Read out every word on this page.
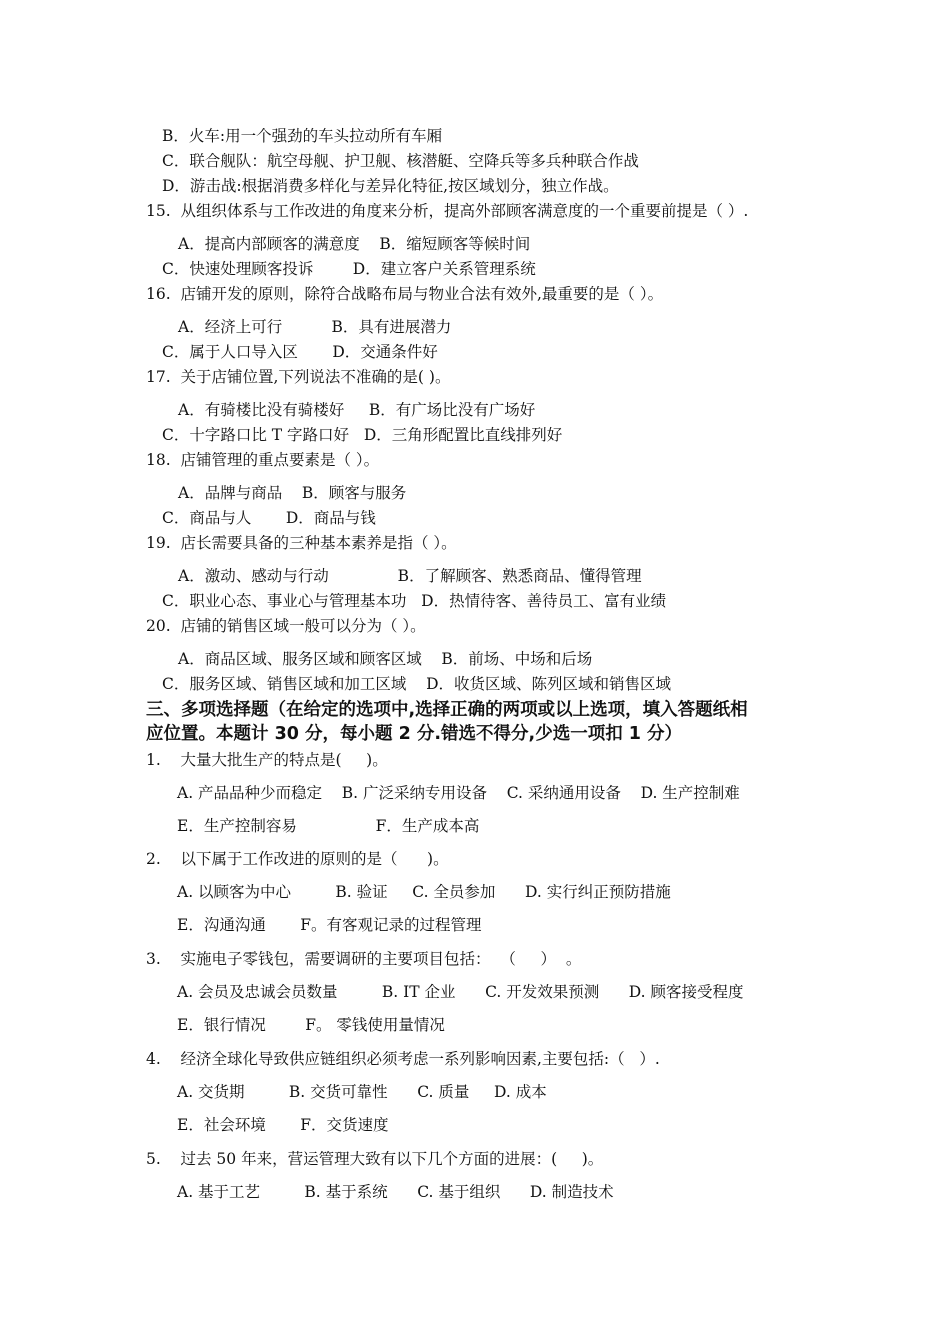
B．火车:用一个强劲的车头拉动所有车厢
C．联合舰队：航空母舰、护卫舰、核潜艇、空降兵等多兵种联合作战
D．游击战:根据消费多样化与差异化特征,按区域划分，独立作战。
15.  从组织体系与工作改进的角度来分析，提高外部顾客满意度的一个重要前提是（ ）.
A．提高内部顾客的满意度    B．缩短顾客等候时间
C．快速处理顾客投诉        D．建立客户关系管理系统
16.  店铺开发的原则，除符合战略布局与物业合法有效外,最重要的是（ ）。
A．经济上可行          B．具有进展潜力
C．属于人口导入区       D．交通条件好
17.  关于店铺位置,下列说法不准确的是( )。
A．有骑楼比没有骑楼好     B．有广场比没有广场好
C．十字路口比 T 字路口好   D．三角形配置比直线排列好
18.  店铺管理的重点要素是（ ）。
A．品牌与商品    B．顾客与服务
C．商品与人       D．商品与钱
19.  店长需要具备的三种基本素养是指（ ）。
A．激动、感动与行动              B．了解顾客、熟悉商品、懂得管理
C．职业心态、事业心与管理基本功   D．热情待客、善待员工、富有业绩
20.  店铺的销售区域一般可以分为（ ）。
A．商品区域、服务区域和顾客区域    B．前场、中场和后场
C．服务区域、销售区域和加工区域    D．收货区域、陈列区域和销售区域
三、多项选择题（在给定的选项中,选择正确的两项或以上选项，填入答题纸相
应位置。本题计 30 分，每小题 2 分.错选不得分,少选一项扣 1 分）
1.    大量大批生产的特点是(     )。
A. 产品品种少而稳定    B. 广泛采纳专用设备    C. 采纳通用设备    D. 生产控制难
E．生产控制容易                F．生产成本高
2.    以下属于工作改进的原则的是（      )。
A. 以顾客为中心         B. 验证     C. 全员参加      D. 实行纠正预防措施
E．沟通沟通       F。有客观记录的过程管理
3.    实施电子零钱包，需要调研的主要项目包括：  （     ）  。
A. 会员及忠诚会员数量         B. IT 企业      C. 开发效果预测      D. 顾客接受程度
E．银行情况        F。 零钱使用量情况
4.    经济全球化导致供应链组织必须考虑一系列影响因素,主要包括:（   ）.
A. 交货期         B. 交货可靠性      C. 质量     D. 成本
E．社会环境       F．交货速度
5.    过去 50 年来，营运管理大致有以下几个方面的进展：(     )。
A. 基于工艺         B. 基于系统      C. 基于组织      D. 制造技术
